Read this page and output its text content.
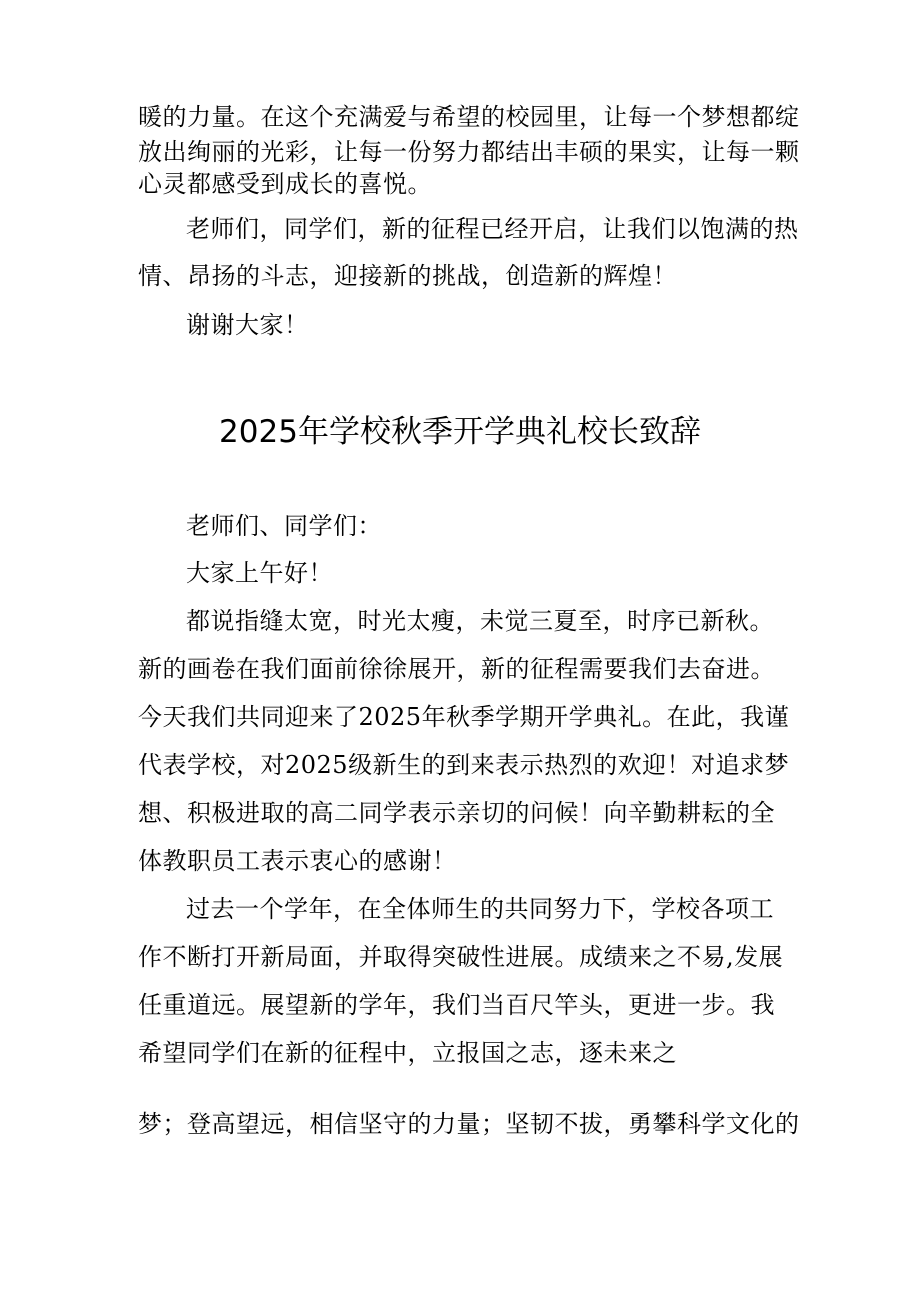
暖的力量。在这个充满爱与希望的校园里，让每一个梦想都绽
放出绚丽的光彩，让每一份努力都结出丰硕的果实，让每一颗
心灵都感受到成长的喜悦。
老师们，同学们，新的征程已经开启，让我们以饱满的热
情、昂扬的斗志，迎接新的挑战，创造新的辉煌！
谢谢大家！
2025年学校秋季开学典礼校长致辞
老师们、同学们：
大家上午好！
都说指缝太宽，时光太瘦，未觉三夏至，时序已新秋。
新的画卷在我们面前徐徐展开，新的征程需要我们去奋进。
今天我们共同迎来了2025年秋季学期开学典礼。在此，我谨
代表学校，对2025级新生的到来表示热烈的欢迎！对追求梦
想、积极进取的高二同学表示亲切的问候！向辛勤耕耘的全
体教职员工表示衷心的感谢！
过去一个学年，在全体师生的共同努力下，学校各项工
作不断打开新局面，并取得突破性进展。成绩来之不易,发展
任重道远。展望新的学年，我们当百尺竿头，更进一步。我
希望同学们在新的征程中，立报国之志，逐未来之
梦；登高望远，相信坚守的力量；坚韧不拔，勇攀科学文化的
